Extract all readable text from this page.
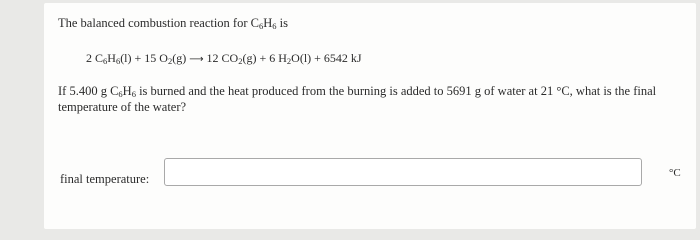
The balanced combustion reaction for $C_6H_6$ is
2 $C_6H_6(l) + 15$ $O_2(g)$ ⟶ 12 $CO_2(g) + 6$ $H_2O(l) + 6542$ kJ
If 5.400 g $C_6H_6$ is burned and the heat produced from the burning is added to 5691 g of water at 21 °C, what is the final
temperature of the water?
final temperature:	°C
